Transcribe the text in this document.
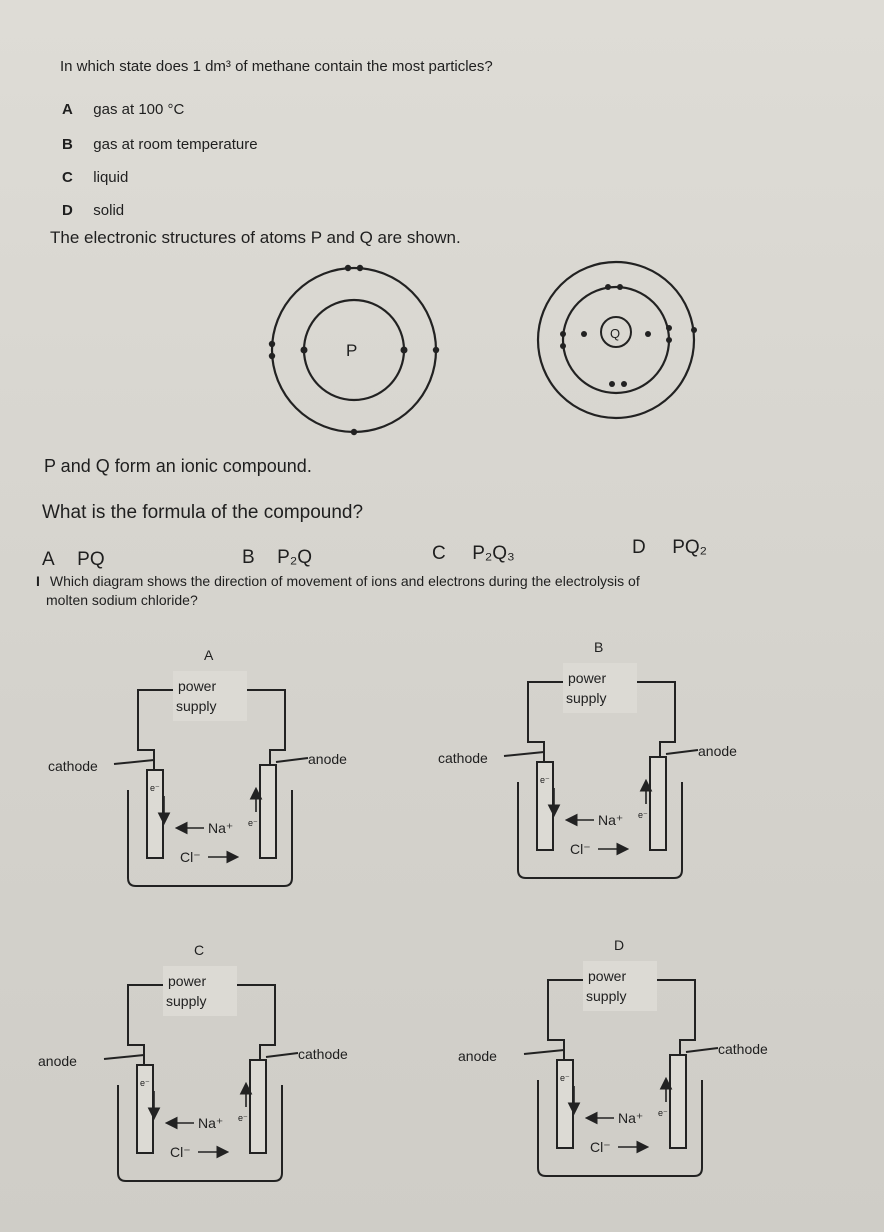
In which state does 1 dm³ of methane contain the most particles?
A gas at 100 °C
B gas at room temperature
C liquid
D solid
The electronic structures of atoms P and Q are shown.
P
Q
P and Q form an ionic compound.
What is the formula of the compound?
A PQ	B P₂Q	C P₂Q₃	D PQ₂
I Which diagram shows the direction of movement of ions and electrons during the electrolysis of
molten sodium chloride?
A
power
supply
cathode	anode
e⁻
e⁻
Na⁺
Cl⁻
B
power
supply
cathode	anode
e⁻
e⁻
Na⁺
Cl⁻
C
power
supply
anode	cathode
e⁻
e⁻
Na⁺
Cl⁻
D
power
supply
anode	cathode
e⁻
e⁻
Na⁺
Cl⁻
